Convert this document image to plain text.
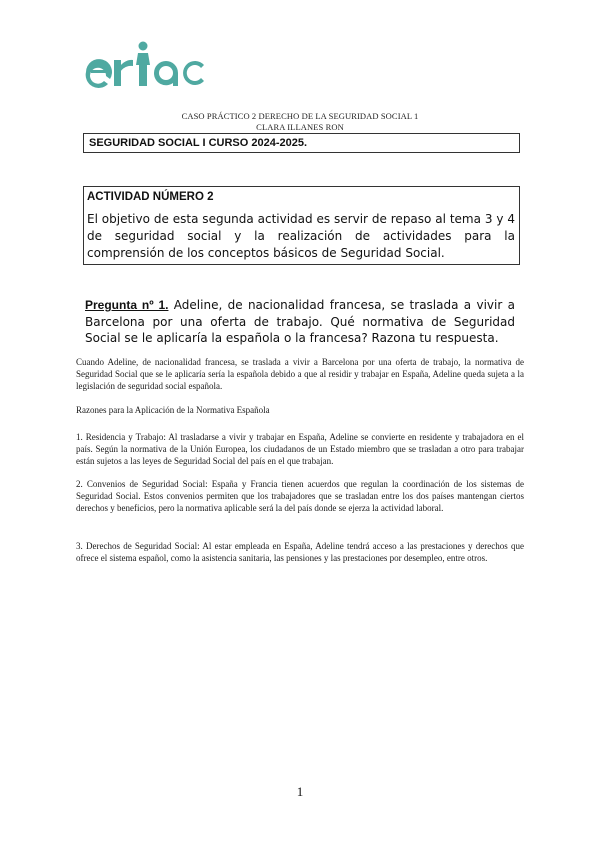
CASO PRÁCTICO 2 DERECHO DE LA SEGURIDAD SOCIAL 1
CLARA ILLANES RON
SEGURIDAD SOCIAL I CURSO 2024-2025.
ACTIVIDAD NÚMERO 2
El objetivo de esta segunda actividad es servir de repaso al tema 3 y 4 de seguridad social y la realización de actividades para la comprensión de los conceptos básicos de Seguridad Social.
Pregunta nº 1. Adeline, de nacionalidad francesa, se traslada a vivir a Barcelona por una oferta de trabajo. Qué normativa de Seguridad Social se le aplicaría la española o la francesa? Razona tu respuesta.
Cuando Adeline, de nacionalidad francesa, se traslada a vivir a Barcelona por una oferta de trabajo, la normativa de Seguridad Social que se le aplicaría sería la española debido a que al residir y trabajar en España, Adeline queda sujeta a la legislación de seguridad social española.
Razones para la Aplicación de la Normativa Española
1. Residencia y Trabajo: Al trasladarse a vivir y trabajar en España, Adeline se convierte en residente y trabajadora en el país. Según la normativa de la Unión Europea, los ciudadanos de un Estado miembro que se trasladan a otro para trabajar están sujetos a las leyes de Seguridad Social del país en el que trabajan.
2. Convenios de Seguridad Social: España y Francia tienen acuerdos que regulan la coordinación de los sistemas de Seguridad Social. Estos convenios permiten que los trabajadores que se trasladan entre los dos países mantengan ciertos derechos y beneficios, pero la normativa aplicable será la del país donde se ejerza la actividad laboral.
3. Derechos de Seguridad Social: Al estar empleada en España, Adeline tendrá acceso a las prestaciones y derechos que ofrece el sistema español, como la asistencia sanitaria, las pensiones y las prestaciones por desempleo, entre otros.
1
